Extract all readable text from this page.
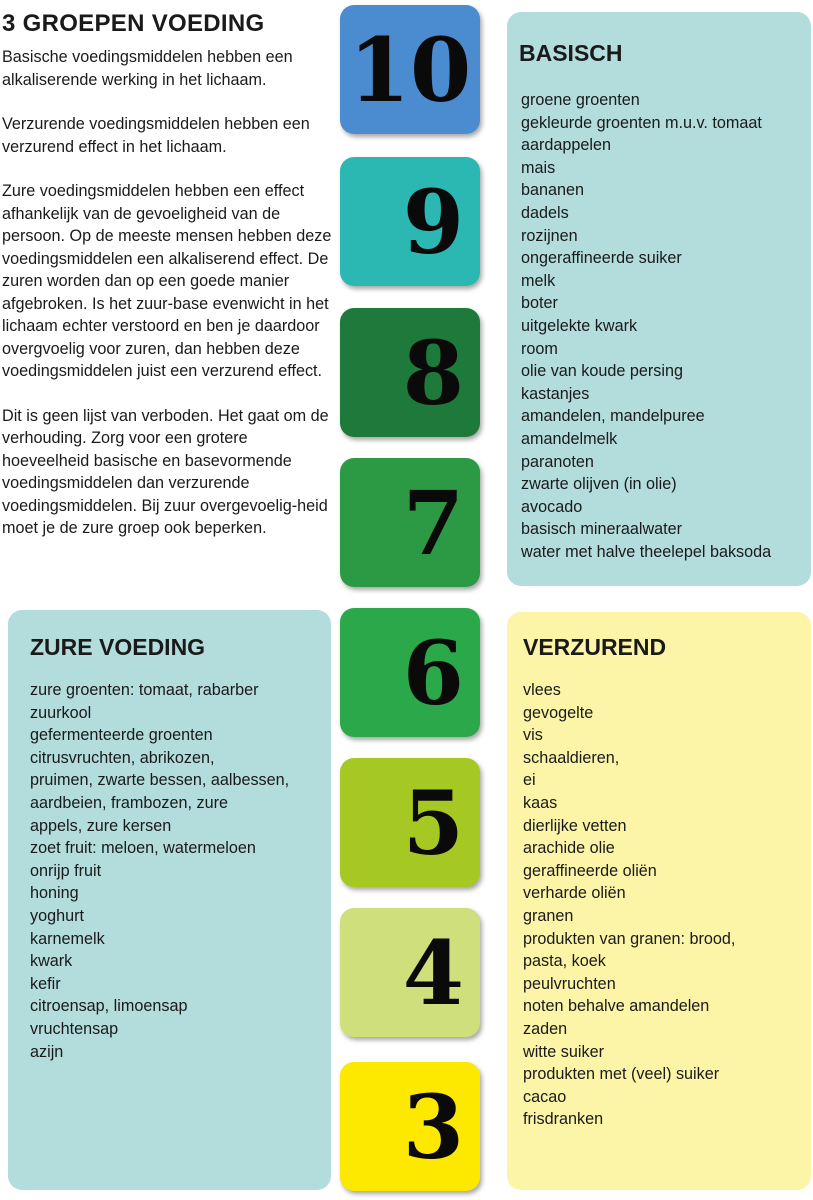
3 GROEPEN VOEDING

Basische voedingsmiddelen hebben een alkaliserende werking in het lichaam.

Verzurende voedingsmiddelen hebben een verzurend effect in het lichaam.

Zure voedingsmiddelen hebben een effect afhankelijk van de gevoeligheid van de persoon. Op de meeste mensen hebben deze voedingsmiddelen een alkaliserend effect. De zuren worden dan op een goede manier afgebroken. Is het zuur-base evenwicht in het lichaam echter verstoord en ben je daardoor overgvoelig voor zuren, dan hebben deze voedingsmiddelen juist een verzurend effect.

Dit is geen lijst van verboden. Het gaat om de verhouding. Zorg voor een grotere hoeveelheid basische en basevormende voedingsmiddelen dan verzurende voedingsmiddelen. Bij zuur overgevoelig-heid moet je de zure groep ook beperken.

10
9
8
7
6
5
4
3
BASISCH
groene groenten
gekleurde groenten m.u.v. tomaat
aardappelen
mais
bananen
dadels
rozijnen
ongeraffineerde suiker
melk
boter
uitgelekte kwark
room
olie van koude persing
kastanjes
amandelen, mandelpuree
amandelmelk
paranoten
zwarte olijven (in olie)
avocado
basisch mineraalwater
water met halve theelepel baksoda
ZURE VOEDING
zure groenten: tomaat, rabarber
zuurkool
gefermenteerde groenten
citrusvruchten, abrikozen,
pruimen, zwarte bessen, aalbessen,
aardbeien, frambozen, zure
appels, zure kersen
zoet fruit: meloen, watermeloen
onrijp fruit
honing
yoghurt
karnemelk
kwark
kefir
citroensap, limoensap
vruchtensap
azijn
VERZUREND
vlees
gevogelte
vis
schaaldieren,
ei
kaas
dierlijke vetten
arachide olie
geraffineerde oliën
verharde oliën
granen
produkten van granen: brood,
pasta, koek
peulvruchten
noten behalve amandelen
zaden
witte suiker
produkten met (veel) suiker
cacao
frisdranken
